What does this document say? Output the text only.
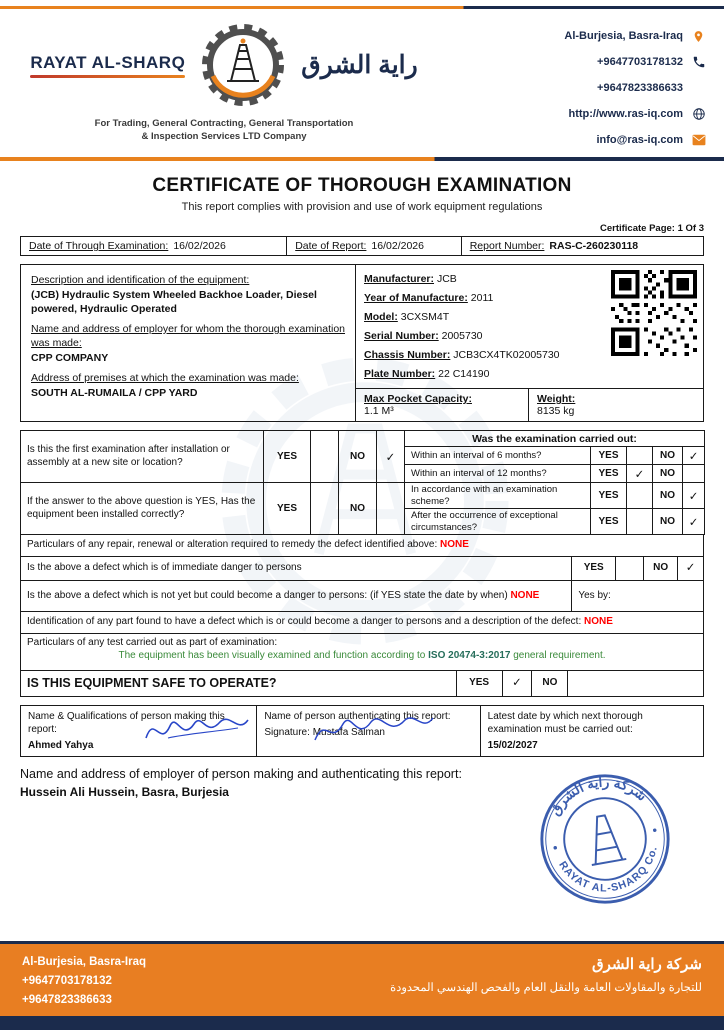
RAYAT AL-SHARQ	راية الشرق
For Trading, General Contracting, General Transportation
& Inspection Services LTD Company
Al-Burjesia, Basra-Iraq
+9647703178132
+9647823386633
http://www.ras-iq.com
info@ras-iq.com
CERTIFICATE OF THOROUGH EXAMINATION
This report complies with provision and use of work equipment regulations
Certificate Page: 1 Of 3
Date of Through Examination: 16/02/2026	Date of Report: 16/02/2026	Report Number: RAS-C-260230118
Description and identification of the equipment:
(JCB) Hydraulic System Wheeled Backhoe Loader, Diesel powered, Hydraulic Operated
Name and address of employer for whom the thorough examination was made:
CPP COMPANY
Address of premises at which the examination was made:
SOUTH AL-RUMAILA / CPP YARD
Manufacturer: JCB
Year of Manufacture: 2011
Model: 3CXSM4T
Serial Number: 2005730
Chassis Number: JCB3CX4TK02005730
Plate Number: 22 C14190
Max Pocket Capacity:
1.1 M³
Weight:
8135 kg
Is this the first examination after installation or assembly at a new site or location?	YES		NO	✓	Was the examination carried out:				
					Within an interval of 6 months?	YES		NO	✓
					Within an interval of 12 months?	YES	✓	NO	
If the answer to the above question is YES, Has the equipment been installed correctly?	YES		NO		In accordance with an examination scheme?	YES		NO	✓
					After the occurrence of exceptional circumstances?	YES		NO	✓
Particulars of any repair, renewal or alteration required to remedy the defect identified above:
NONE
Is the above a defect which is of immediate danger to persons	YES	NO	✓
Is the above a defect which is not yet but could become a danger to persons: (if YES state the date by when) NONE	Yes by:
Identification of any part found to have a defect which is or could become a danger to persons and a description of the defect:
NONE
Particulars of any test carried out as part of examination:
The equipment has been visually examined and function according to ISO 20474-3:2017 general requirement.
IS THIS EQUIPMENT SAFE TO OPERATE?	YES	✓	NO
Name & Qualifications of person making this report:
Ahmed Yahya
Name of person authenticating this report:
Signature: Mustafa Salman
Latest date by which next thorough examination must be carried out:
15/02/2027
Name and address of employer of person making and authenticating this report:
Hussein Ali Hussein, Basra, Burjesia
شركة راية الشرق
RAYAT AL-SHARQ Co.
Al-Burjesia, Basra-Iraq
+9647703178132
+9647823386633
شركة راية الشرق
للتجارة والمقاولات العامة والنقل العام والفحص الهندسي المحدودة
